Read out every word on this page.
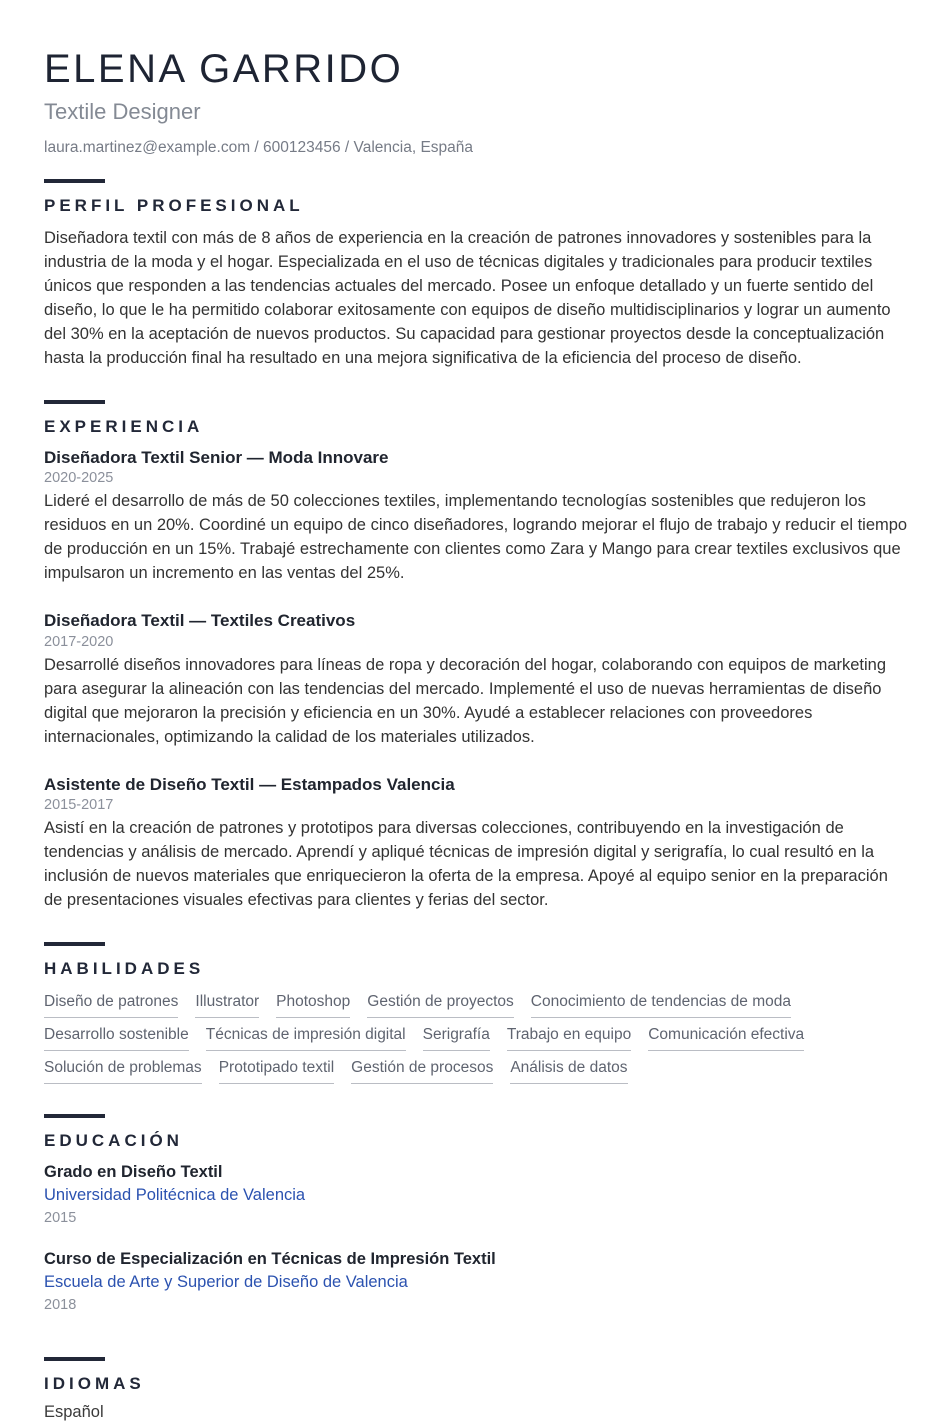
ELENA GARRIDO
Textile Designer
laura.martinez@example.com / 600123456 / Valencia, España
PERFIL PROFESIONAL

Diseñadora textil con más de 8 años de experiencia en la creación de patrones innovadores y sostenibles para la industria de la moda y el hogar. Especializada en el uso de técnicas digitales y tradicionales para producir textiles únicos que responden a las tendencias actuales del mercado. Posee un enfoque detallado y un fuerte sentido del diseño, lo que le ha permitido colaborar exitosamente con equipos de diseño multidisciplinarios y lograr un aumento del 30% en la aceptación de nuevos productos. Su capacidad para gestionar proyectos desde la conceptualización hasta la producción final ha resultado en una mejora significativa de la eficiencia del proceso de diseño.

EXPERIENCIA
Diseñadora Textil Senior — Moda Innovare
2020-2025

Lideré el desarrollo de más de 50 colecciones textiles, implementando tecnologías sostenibles que redujeron los residuos en un 20%. Coordiné un equipo de cinco diseñadores, logrando mejorar el flujo de trabajo y reducir el tiempo de producción en un 15%. Trabajé estrechamente con clientes como Zara y Mango para crear textiles exclusivos que impulsaron un incremento en las ventas del 25%.

Diseñadora Textil — Textiles Creativos
2017-2020

Desarrollé diseños innovadores para líneas de ropa y decoración del hogar, colaborando con equipos de marketing para asegurar la alineación con las tendencias del mercado. Implementé el uso de nuevas herramientas de diseño digital que mejoraron la precisión y eficiencia en un 30%. Ayudé a establecer relaciones con proveedores internacionales, optimizando la calidad de los materiales utilizados.

Asistente de Diseño Textil — Estampados Valencia
2015-2017

Asistí en la creación de patrones y prototipos para diversas colecciones, contribuyendo en la investigación de tendencias y análisis de mercado. Aprendí y apliqué técnicas de impresión digital y serigrafía, lo cual resultó en la inclusión de nuevos materiales que enriquecieron la oferta de la empresa. Apoyé al equipo senior en la preparación de presentaciones visuales efectivas para clientes y ferias del sector.

HABILIDADES
Diseño de patrones Illustrator Photoshop Gestión de proyectos Conocimiento de tendencias de moda
Desarrollo sostenible Técnicas de impresión digital Serigrafía Trabajo en equipo Comunicación efectiva
Solución de problemas Prototipado textil Gestión de procesos Análisis de datos
EDUCACIÓN
Grado en Diseño Textil
Universidad Politécnica de Valencia
2015
Curso de Especialización en Técnicas de Impresión Textil
Escuela de Arte y Superior de Diseño de Valencia
2018
IDIOMAS
Español
